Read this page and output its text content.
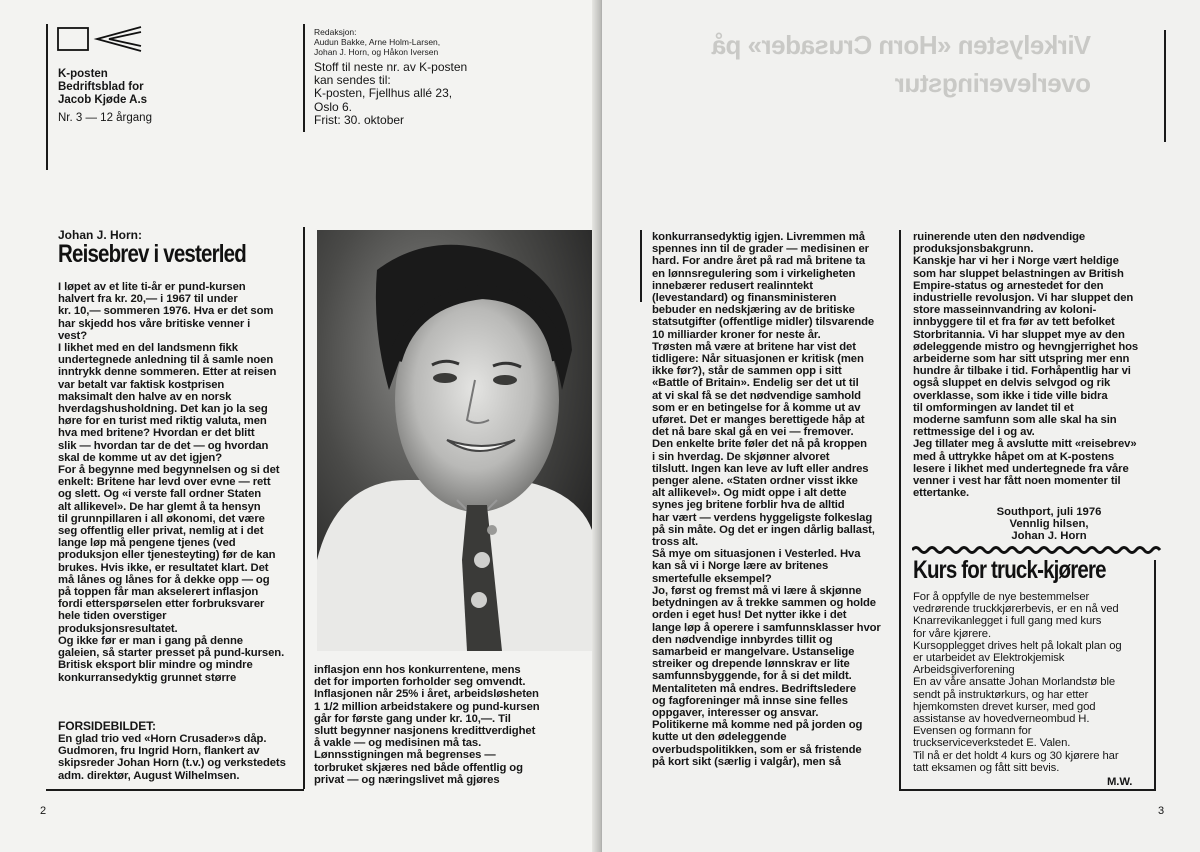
K-posten
Bedriftsblad for
Jacob Kjøde A.s
Nr. 3 — 12 årgang
Redaksjon:
Audun Bakke, Arne Holm-Larsen,
Johan J. Horn, og Håkon Iversen
Stoff til neste nr. av K-posten
kan sendes til:
K-posten, Fjellhus allé 23,
Oslo 6.
Frist: 30. oktober
Johan J. Horn:
Reisebrev i vesterled
I løpet av et lite ti-år er pund-kursen
halvert fra kr. 20,— i 1967 til under
kr. 10,— sommeren 1976. Hva er det som
har skjedd hos våre britiske venner i
vest?
I likhet med en del landsmenn fikk
undertegnede anledning til å samle noen
inntrykk denne sommeren. Etter at reisen
var betalt var faktisk kostprisen
maksimalt den halve av en norsk
hverdagshusholdning. Det kan jo la seg
høre for en turist med riktig valuta, men
hva med britene? Hvordan er det blitt
slik — hvordan tar de det — og hvordan
skal de komme ut av det igjen?
For å begynne med begynnelsen og si det
enkelt: Britene har levd over evne — rett
og slett. Og «i verste fall ordner Staten
alt allikevel». De har glemt å ta hensyn
til grunnpillaren i all økonomi, det være
seg offentlig eller privat, nemlig at i det
lange løp må pengene tjenes (ved
produksjon eller tjenesteyting) før de kan
brukes. Hvis ikke, er resultatet klart. Det
må lånes og lånes for å dekke opp — og
på toppen får man akselerert inflasjon
fordi etterspørselen etter forbruksvarer
hele tiden overstiger
produksjonsresultatet.
Og ikke før er man i gang på denne
galeien, så starter presset på pund-kursen.
Britisk eksport blir mindre og mindre
konkurransedyktig grunnet større
inflasjon enn hos konkurrentene, mens
det for importen forholder seg omvendt.
Inflasjonen når 25% i året, arbeidsløsheten
1 1/2 million arbeidstakere og pund-kursen
går for første gang under kr. 10,—. Til
slutt begynner nasjonens kredittverdighet
å vakle — og medisinen må tas.
Lønnsstigningen må begrenses —
torbruket skjæres ned både offentlig og
privat — og næringslivet må gjøres
FORSIDEBILDET:
En glad trio ved «Horn Crusader»s dåp.
Gudmoren, fru Ingrid Horn, flankert av
skipsreder Johan Horn (t.v.) og verkstedets
adm. direktør, August Wilhelmsen.
2
Virkelysten «Horn Crusader» på
overleveringstur
konkurransedyktig igjen. Livremmen må
spennes inn til de grader — medisinen er
hard. For andre året på rad må britene ta
en lønnsregulering som i virkeligheten
innebærer redusert realinntekt
(levestandard) og finansministeren
bebuder en nedskjæring av de britiske
statsutgifter (offentlige midler) tilsvarende
10 milliarder kroner for neste år.
Trøsten må være at britene har vist det
tidligere: Når situasjonen er kritisk (men
ikke før?), står de sammen opp i sitt
«Battle of Britain». Endelig ser det ut til
at vi skal få se det nødvendige samhold
som er en betingelse for å komme ut av
uføret. Det er manges berettigede håp at
det nå bare skal gå en vei — fremover.
Den enkelte brite føler det nå på kroppen
i sin hverdag. De skjønner alvoret
tilslutt. Ingen kan leve av luft eller andres
penger alene. «Staten ordner visst ikke
alt allikevel». Og midt oppe i alt dette
synes jeg britene forblir hva de alltid
har vært — verdens hyggeligste folkeslag
på sin måte. Og det er ingen dårlig ballast,
tross alt.
Så mye om situasjonen i Vesterled. Hva
kan så vi i Norge lære av britenes
smertefulle eksempel?
Jo, først og fremst må vi lære å skjønne
betydningen av å trekke sammen og holde
orden i eget hus! Det nytter ikke i det
lange løp å operere i samfunnsklasser hvor
den nødvendige innbyrdes tillit og
samarbeid er mangelvare. Ustanselige
streiker og drepende lønnskrav er lite
samfunnsbyggende, for å si det mildt.
Mentaliteten må endres. Bedriftsledere
og fagforeninger må innse sine felles
oppgaver, interesser og ansvar.
Politikerne må komme ned på jorden og
kutte ut den ødeleggende
overbudspolitikken, som er så fristende
på kort sikt (særlig i valgår), men så
ruinerende uten den nødvendige
produksjonsbakgrunn.
Kanskje har vi her i Norge vært heldige
som har sluppet belastningen av British
Empire-status og arnestedet for den
industrielle revolusjon. Vi har sluppet den
store masseinnvandring av koloni-
innbyggere til et fra før av tett befolket
Storbritannia. Vi har sluppet mye av den
ødeleggende mistro og hevngjerrighet hos
arbeiderne som har sitt utspring mer enn
hundre år tilbake i tid. Forhåpentlig har vi
også sluppet en delvis selvgod og rik
overklasse, som ikke i tide ville bidra
til omformingen av landet til et
moderne samfunn som alle skal ha sin
rettmessige del i og av.
Jeg tillater meg å avslutte mitt «reisebrev»
med å uttrykke håpet om at K-postens
lesere i likhet med undertegnede fra våre
venner i vest har fått noen momenter til
ettertanke.
Southport, juli 1976
Vennlig hilsen,
Johan J. Horn
Kurs for truck-kjørere
For å oppfylle de nye bestemmelser
vedrørende truckkjørerbevis, er en nå ved
Knarrevikanlegget i full gang med kurs
for våre kjørere.
Kursopplegget drives helt på lokalt plan og
er utarbeidet av Elektrokjemisk
Arbeidsgiverforening
En av våre ansatte Johan Morlandstø ble
sendt på instruktørkurs, og har etter
hjemkomsten drevet kurser, med god
assistanse av hovedverneombud H.
Evensen og formann for
truckserviceverkstedet E. Valen.
Til nå er det holdt 4 kurs og 30 kjørere har
tatt eksamen og fått sitt bevis.
M.W.
3
